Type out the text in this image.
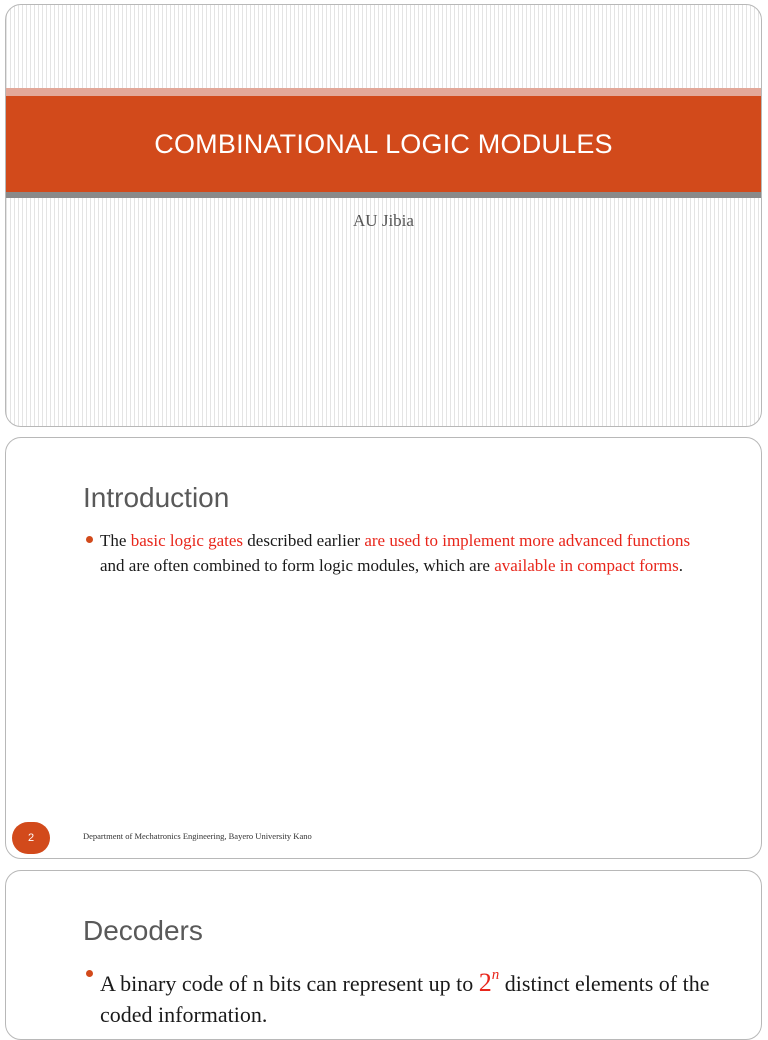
COMBINATIONAL LOGIC MODULES
AU Jibia
Introduction
The basic logic gates described earlier are used to implement more advanced functions and are often combined to form logic modules, which are available in compact forms.
2	Department of Mechatronics Engineering, Bayero University Kano
Decoders
A binary code of n bits can represent up to 2$^n$ distinct elements of the coded information.
